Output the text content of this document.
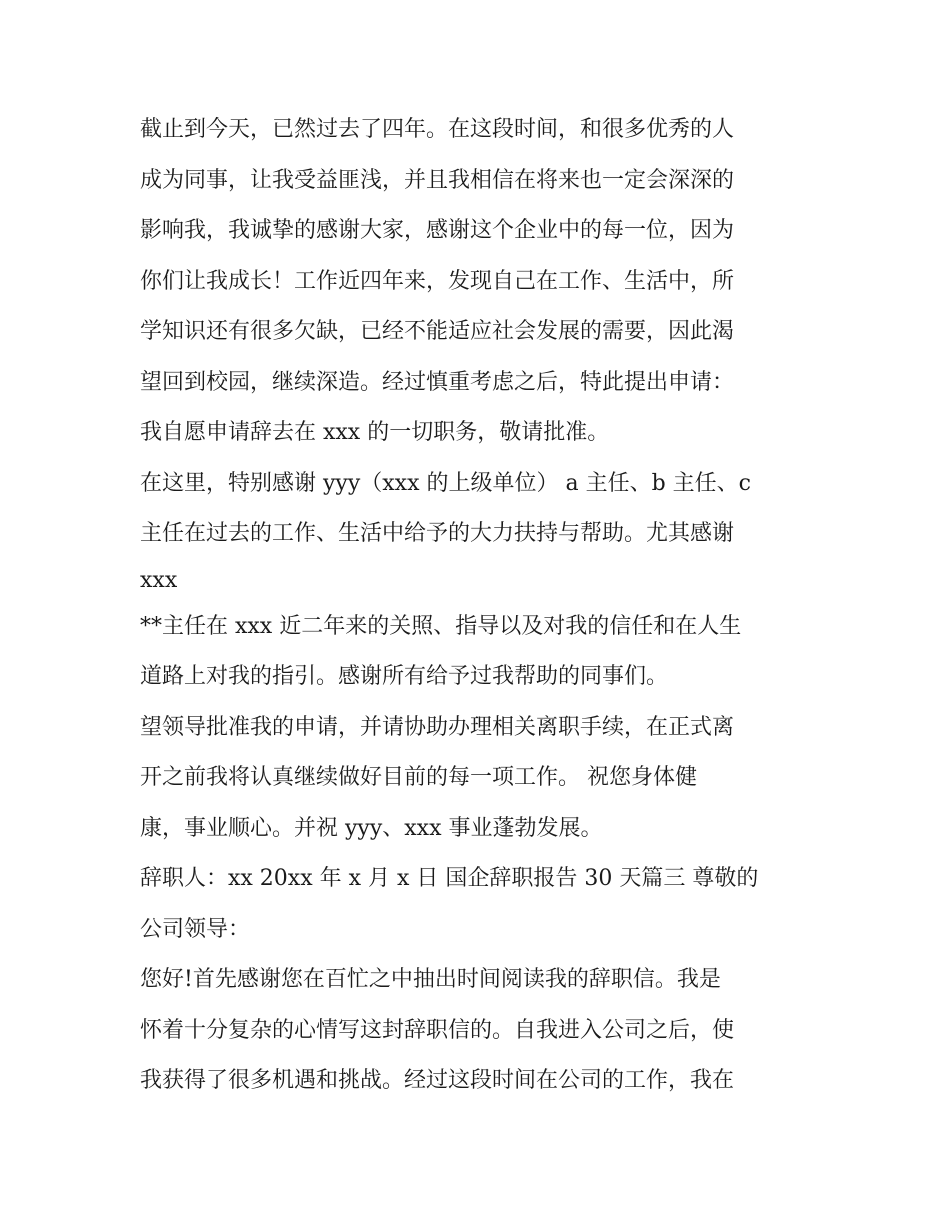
截止到今天，已然过去了四年。在这段时间，和很多优秀的人
成为同事，让我受益匪浅，并且我相信在将来也一定会深深的
影响我，我诚挚的感谢大家，感谢这个企业中的每一位，因为
你们让我成长！工作近四年来，发现自己在工作、生活中，所
学知识还有很多欠缺，已经不能适应社会发展的需要，因此渴
望回到校园，继续深造。经过慎重考虑之后，特此提出申请：
我自愿申请辞去在 xxx 的一切职务，敬请批准。
在这里，特别感谢 yyy（xxx 的上级单位） a 主任、b 主任、c
主任在过去的工作、生活中给予的大力扶持与帮助。尤其感谢
xxx
**主任在 xxx 近二年来的关照、指导以及对我的信任和在人生
道路上对我的指引。感谢所有给予过我帮助的同事们。
望领导批准我的申请，并请协助办理相关离职手续，在正式离
开之前我将认真继续做好目前的每一项工作。 祝您身体健
康，事业顺心。并祝 yyy、xxx 事业蓬勃发展。
辞职人：xx 20xx 年 x 月 x 日 国企辞职报告 30 天篇三 尊敬的
公司领导：
您好!首先感谢您在百忙之中抽出时间阅读我的辞职信。我是
怀着十分复杂的心情写这封辞职信的。自我进入公司之后，使
我获得了很多机遇和挑战。经过这段时间在公司的工作，我在
